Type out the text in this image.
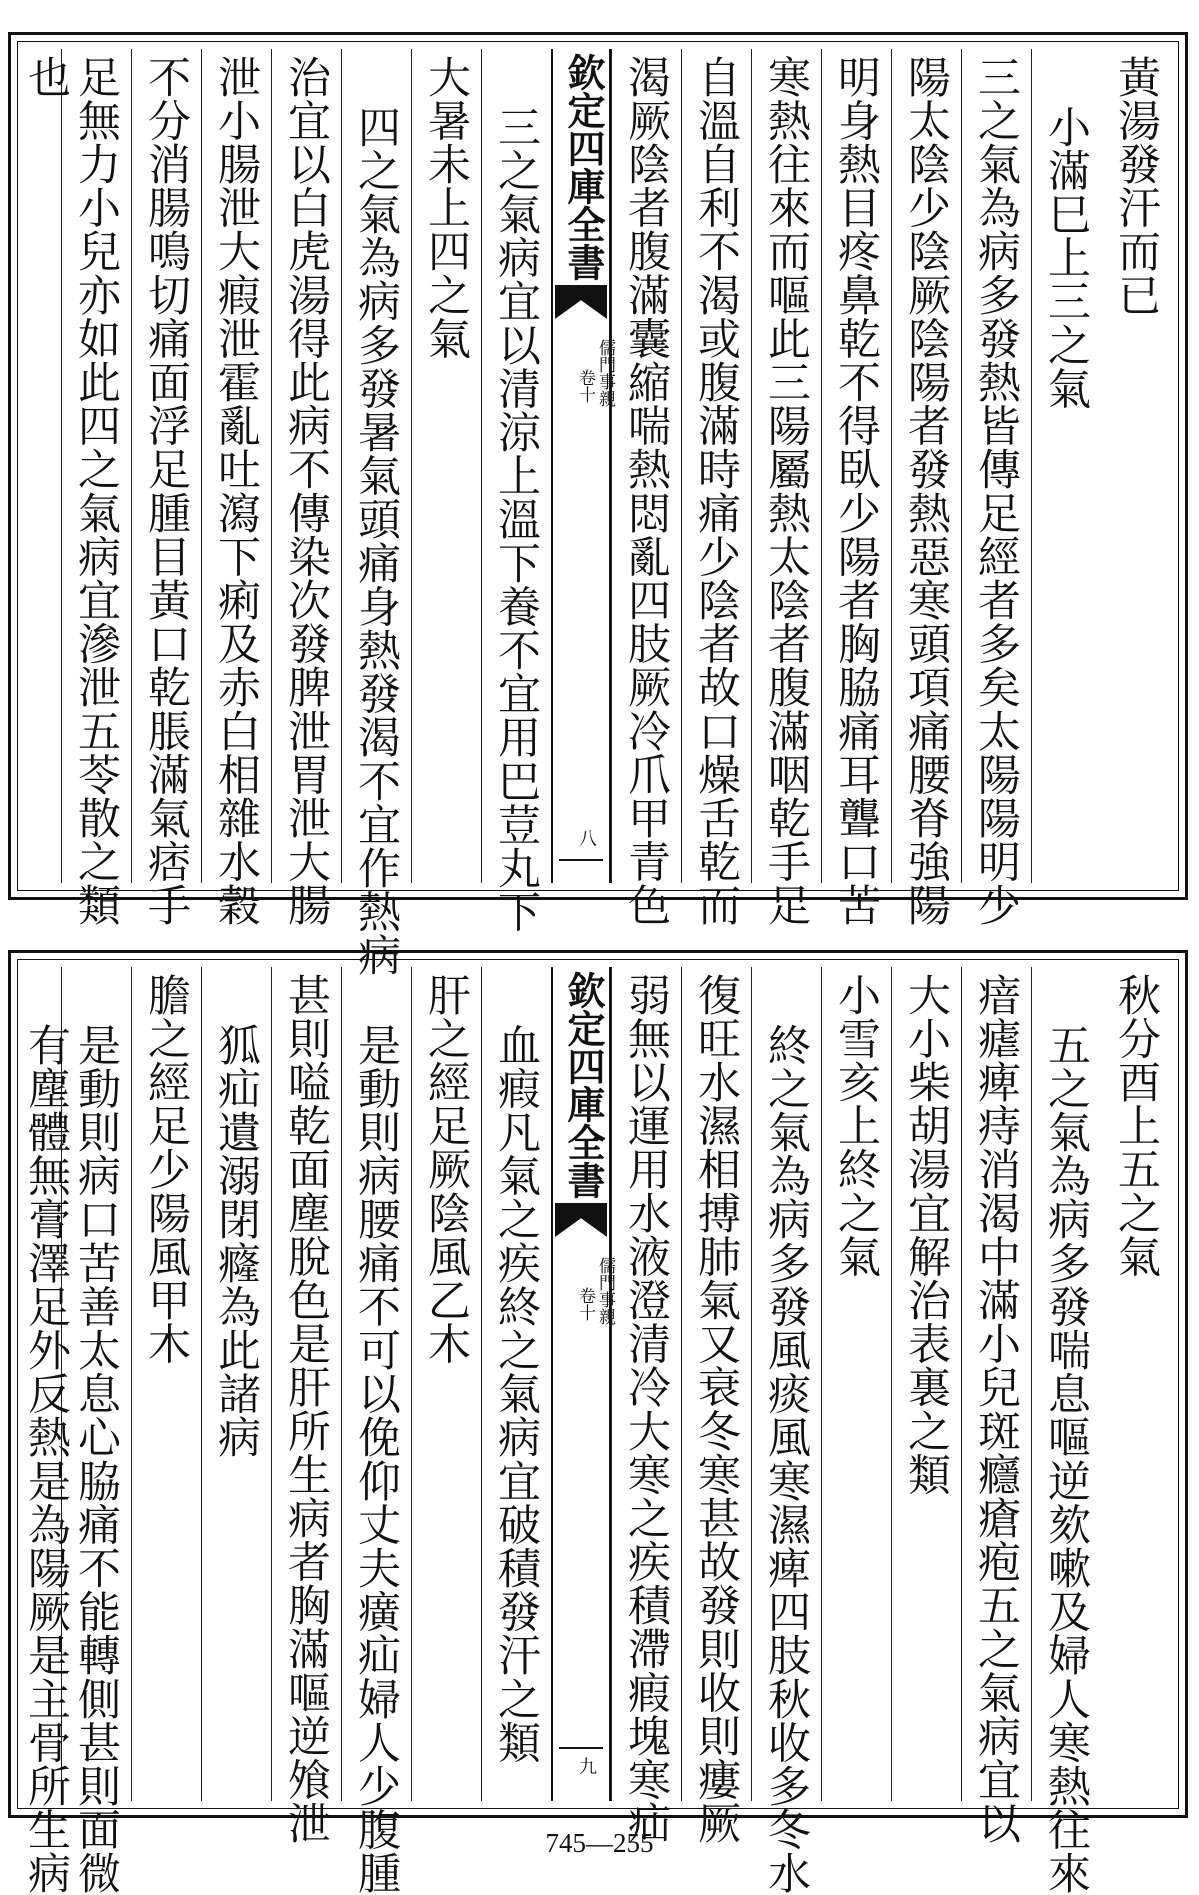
黃湯發汗而已
小滿巳上三之氣
三之氣為病多發熱皆傳足經者多矣太陽陽明少
陽太陰少陰厥陰陽者發熱惡寒頭項痛腰脊強陽
明身熱目疼鼻乾不得臥少陽者胸脇痛耳聾口苦
寒熱往來而嘔此三陽屬熱太陰者腹滿咽乾手足
自溫自利不渴或腹滿時痛少陰者故口燥舌乾而
渴厥陰者腹滿囊縮喘熱悶亂四肢厥冷爪甲青色
欽定四庫全書
儒門事親
卷十
八
三之氣病宜以清涼上溫下養不宜用巴荳丸下
大暑未上四之氣
四之氣為病多發暑氣頭痛身熱發渴不宜作熱病
治宜以白虎湯得此病不傳染次發脾泄胃泄大腸
泄小腸泄大瘕泄霍亂吐瀉下痢及赤白相雜水穀
不分消腸鳴切痛面浮足腫目黃口乾脹滿氣痞手
足無力小兒亦如此四之氣病宜滲泄五苓散之類
也
秋分酉上五之氣
五之氣為病多發喘息嘔逆欬嗽及婦人寒熱往來
瘖瘧痺痔消渴中滿小兒斑癮瘡疱五之氣病宜以
大小柴胡湯宜解治表裏之類
小雪亥上終之氣
終之氣為病多發風痰風寒濕痺四肢秋收多冬水
復旺水濕相搏肺氣又衰冬寒甚故發則收則瘻厥
弱無以運用水液澄清冷大寒之疾積滯瘕塊寒疝
欽定四庫全書
儒門事親
卷十
九
血瘕凡氣之疾終之氣病宜破積發汗之類
肝之經足厥陰風乙木
是動則病腰痛不可以俛仰丈夫癀疝婦人少腹腫
甚則嗌乾面塵脫色是肝所生病者胸滿嘔逆飧泄
狐疝遺溺閉癃為此諸病
膽之經足少陽風甲木
是動則病口苦善太息心脇痛不能轉側甚則面微
有塵體無膏澤足外反熱是為陽厥是主骨所生病	745—255
